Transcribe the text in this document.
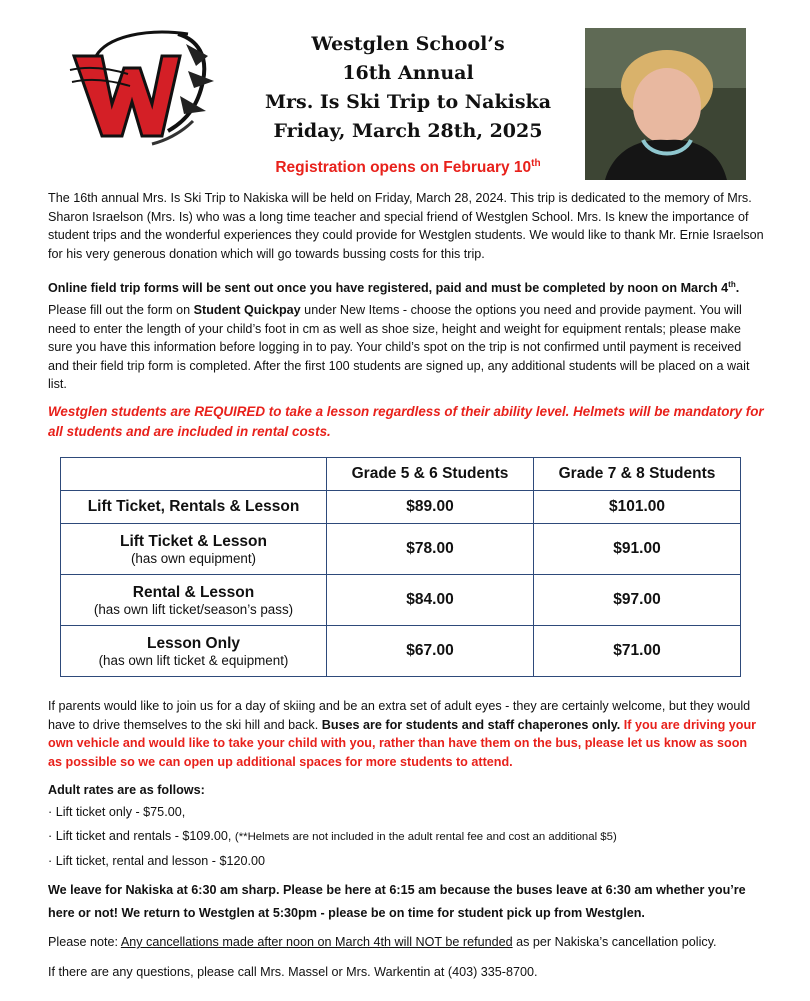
Westglen School’s
16th Annual
Mrs. Is Ski Trip to Nakiska
Friday, March 28th, 2025
Registration opens on February 10th

The 16th annual Mrs. Is Ski Trip to Nakiska will be held on Friday, March 28, 2024. This trip is dedicated to the memory of Mrs. Sharon Israelson (Mrs. Is) who was a long time teacher and special friend of Westglen School. Mrs. Is knew the importance of student trips and the wonderful experiences they could provide for Westglen students. We would like to thank Mr. Ernie Israelson for his very generous donation which will go towards bussing costs for this trip.

Online field trip forms will be sent out once you have registered, paid and must be completed by noon on March 4th.

Please fill out the form on Student Quickpay under New Items - choose the options you need and provide payment. You will need to enter the length of your child’s foot in cm as well as shoe size, height and weight for equipment rentals; please make sure you have this information before logging in to pay. Your child’s spot on the trip is not confirmed until payment is received and their field trip form is completed. After the first 100 students are signed up, any additional students will be placed on a wait list.

Westglen students are REQUIRED to take a lesson regardless of their ability level. Helmets will be mandatory for all students and are included in rental costs.

	Grade 5 & 6 Students	Grade 7 & 8 Students

Lift Ticket, Rentals & Lesson	$89.00	$101.00

Lift Ticket & Lesson
(has own equipment)	$78.00	$91.00

Rental & Lesson
(has own lift ticket/season’s pass)	$84.00	$97.00

Lesson Only
(has own lift ticket & equipment)	$67.00	$71.00

If parents would like to join us for a day of skiing and be an extra set of adult eyes - they are certainly welcome, but they would have to drive themselves to the ski hill and back. Buses are for students and staff chaperones only. If you are driving your own vehicle and would like to take your child with you, rather than have them on the bus, please let us know as soon as possible so we can open up additional spaces for more students to attend.

Adult rates are as follows:

· Lift ticket only - $75.00,
· Lift ticket and rentals - $109.00, (**Helmets are not included in the adult rental fee and cost an additional $5)
· Lift ticket, rental and lesson - $120.00

We leave for Nakiska at 6:30 am sharp. Please be here at 6:15 am because the buses leave at 6:30 am whether you’re here or not! We return to Westglen at 5:30pm - please be on time for student pick up from Westglen.

Please note: Any cancellations made after noon on March 4th will NOT be refunded as per Nakiska’s cancellation policy.

If there are any questions, please call Mrs. Massel or Mrs. Warkentin at (403) 335-8700.
